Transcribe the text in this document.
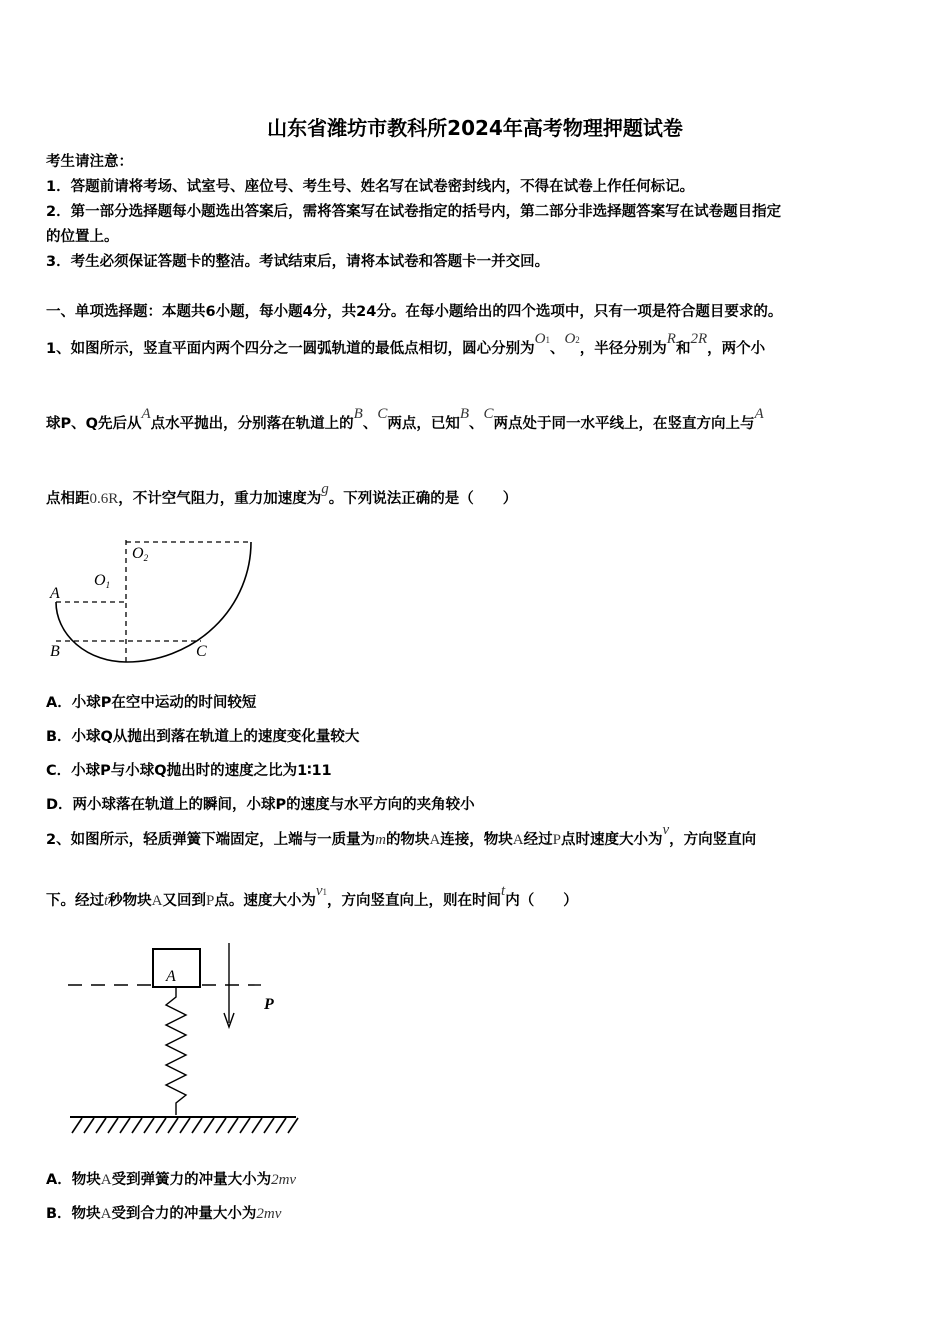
山东省潍坊市教科所2024年高考物理押题试卷
考生请注意：
1．答题前请将考场、试室号、座位号、考生号、姓名写在试卷密封线内，不得在试卷上作任何标记。
2．第一部分选择题每小题选出答案后，需将答案写在试卷指定的括号内，第二部分非选择题答案写在试卷题目指定
的位置上。
3．考生必须保证答题卡的整洁。考试结束后，请将本试卷和答题卡一并交回。
一、单项选择题：本题共6小题，每小题4分，共24分。在每小题给出的四个选项中，只有一项是符合题目要求的。
1、如图所示，竖直平面内两个四分之一圆弧轨道的最低点相切，圆心分别为O1、O2，半径分别为R和2R，两个小
球P、Q先后从A点水平抛出，分别落在轨道上的B、C两点，已知B、C两点处于同一水平线上，在竖直方向上与A
点相距0.6R，不计空气阻力，重力加速度为g。下列说法正确的是（　　）
O1
O2
A
B	C
A．小球P在空中运动的时间较短
B．小球Q从抛出到落在轨道上的速度变化量较大
C．小球P与小球Q抛出时的速度之比为1∶11
D．两小球落在轨道上的瞬间，小球P的速度与水平方向的夹角较小
2、如图所示，轻质弹簧下端固定，上端与一质量为m的物块A连接，物块A经过P点时速度大小为v，方向竖直向
下。经过t秒物块A又回到P点。速度大小为v1，方向竖直向上，则在时间t内（　　）
A
P
A．物块A受到弹簧力的冲量大小为2mv
B．物块A受到合力的冲量大小为2mv
